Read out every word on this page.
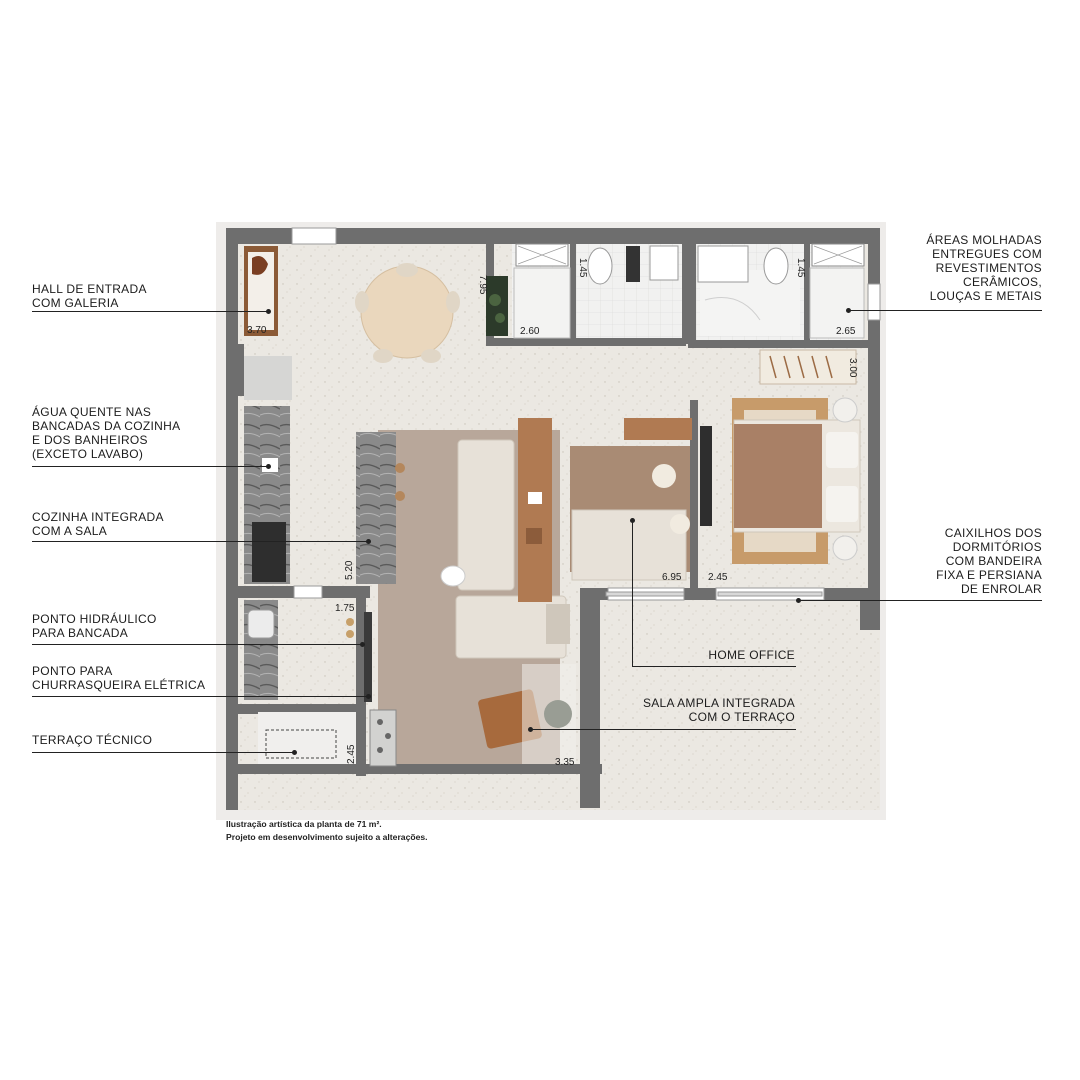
3.70
5.20
1.75
2.45	3.35
7.95
1.45
2.60
1.45
2.65
3.00
6.95	2.45
HALL DE ENTRADA
COM GALERIA
ÁGUA QUENTE NAS
BANCADAS DA COZINHA
E DOS BANHEIROS
(EXCETO LAVABO)
COZINHA INTEGRADA
COM A SALA
PONTO HIDRÁULICO
PARA BANCADA
PONTO PARA
CHURRASQUEIRA ELÉTRICA
TERRAÇO TÉCNICO
ÁREAS MOLHADAS
ENTREGUES COM
REVESTIMENTOS
CERÂMICOS,
LOUÇAS E METAIS
CAIXILHOS DOS
DORMITÓRIOS
COM BANDEIRA
FIXA E PERSIANA
DE ENROLAR
HOME OFFICE
SALA AMPLA INTEGRADA
COM O TERRAÇO
Ilustração artística da planta de 71 m².
Projeto em desenvolvimento sujeito a alterações.
